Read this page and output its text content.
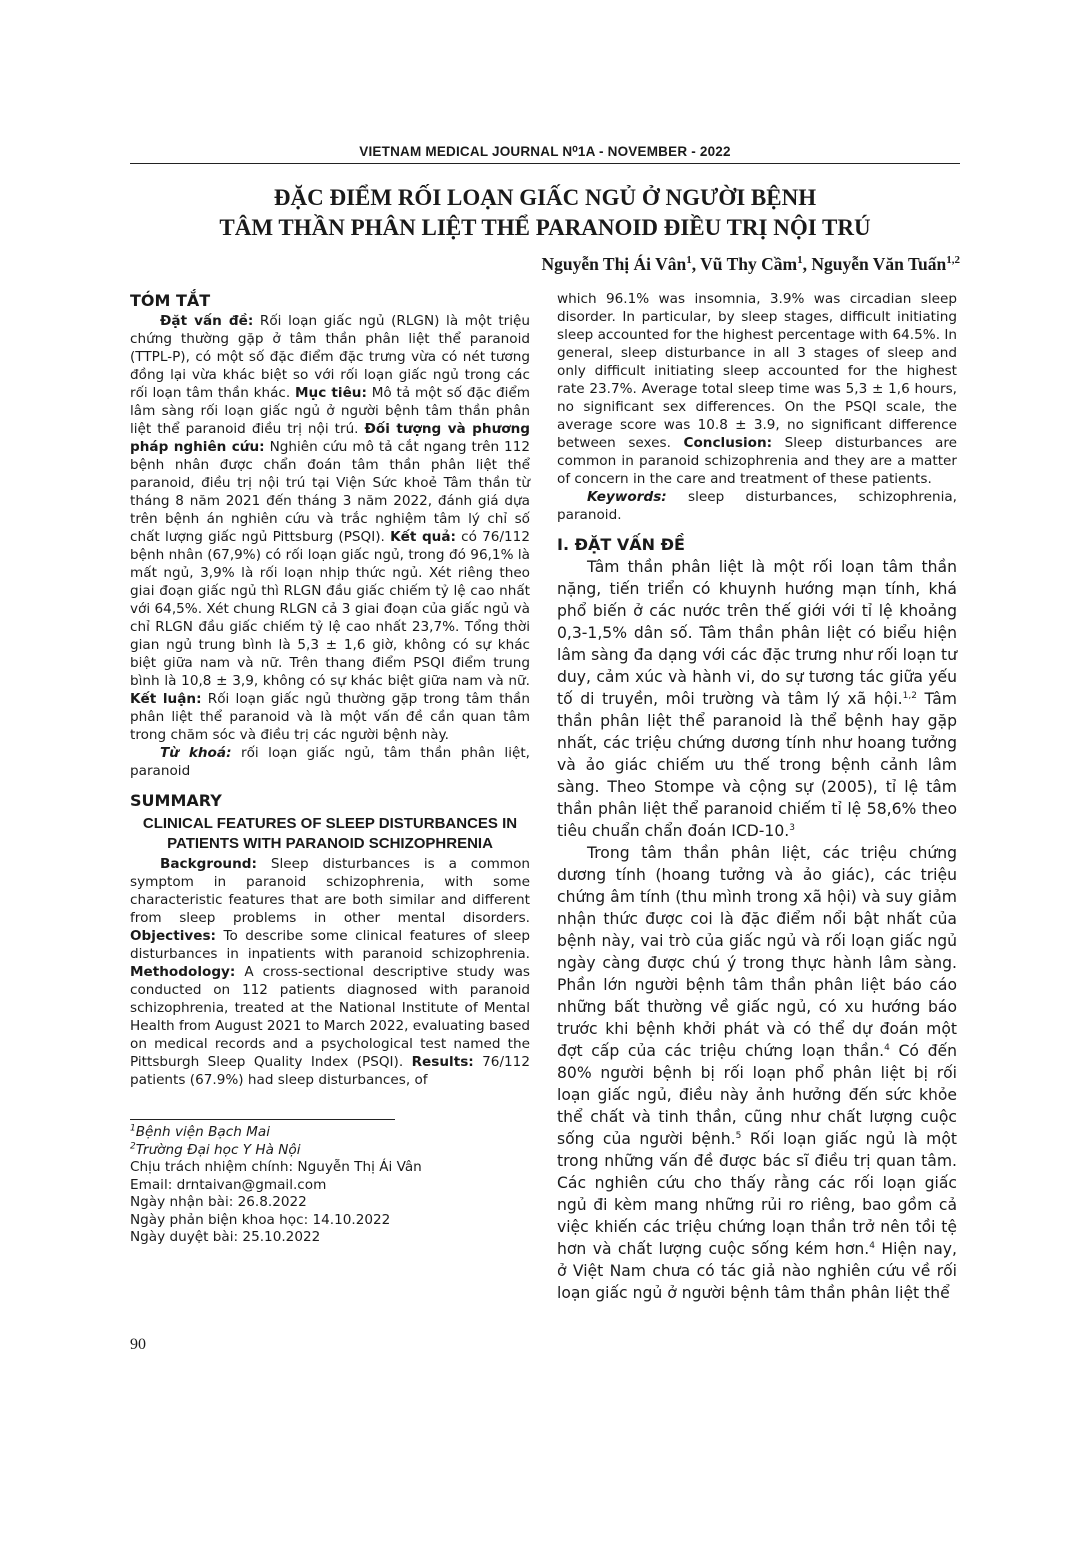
VIETNAM MEDICAL JOURNAL N⁰1A - NOVEMBER - 2022
ĐẶC ĐIỂM RỐI LOẠN GIẤC NGỦ Ở NGƯỜI BỆNH
TÂM THẦN PHÂN LIỆT THỂ PARANOID ĐIỀU TRỊ NỘI TRÚ
Nguyễn Thị Ái Vân$^1$, Vũ Thy Cầm$^1$, Nguyễn Văn Tuấn$^{1,2}$
TÓM TẮT

Đặt vấn đề: Rối loạn giấc ngủ (RLGN) là một triệu chứng thường gặp ở tâm thần phân liệt thể paranoid (TTPL-P), có một số đặc điểm đặc trưng vừa có nét tương đồng lại vừa khác biệt so với rối loạn giấc ngủ trong các rối loạn tâm thần khác. Mục tiêu: Mô tả một số đặc điểm lâm sàng rối loạn giấc ngủ ở người bệnh tâm thần phân liệt thể paranoid điều trị nội trú. Đối tượng và phương pháp nghiên cứu: Nghiên cứu mô tả cắt ngang trên 112 bệnh nhân được chẩn đoán tâm thần phân liệt thể paranoid, điều trị nội trú tại Viện Sức khoẻ Tâm thần từ tháng 8 năm 2021 đến tháng 3 năm 2022, đánh giá dựa trên bệnh án nghiên cứu và trắc nghiệm tâm lý chỉ số chất lượng giấc ngủ Pittsburg (PSQI). Kết quả: có 76/112 bệnh nhân (67,9%) có rối loạn giấc ngủ, trong đó 96,1% là mất ngủ, 3,9% là rối loạn nhịp thức ngủ. Xét riêng theo giai đoạn giấc ngủ thì RLGN đầu giấc chiếm tỷ lệ cao nhất với 64,5%. Xét chung RLGN cả 3 giai đoạn của giấc ngủ và chỉ RLGN đầu giấc chiếm tỷ lệ cao nhất 23,7%. Tổng thời gian ngủ trung bình là 5,3 ± 1,6 giờ, không có sự khác biệt giữa nam và nữ. Trên thang điểm PSQI điểm trung bình là 10,8 ± 3,9, không có sự khác biệt giữa nam và nữ. Kết luận: Rối loạn giấc ngủ thường gặp trong tâm thần phân liệt thể paranoid và là một vấn đề cần quan tâm trong chăm sóc và điều trị các người bệnh này.

Từ khoá: rối loạn giấc ngủ, tâm thần phân liệt, paranoid

SUMMARY
CLINICAL FEATURES OF SLEEP DISTURBANCES IN PATIENTS WITH PARANOID SCHIZOPHRENIA

Background: Sleep disturbances is a common symptom in paranoid schizophrenia, with some characteristic features that are both similar and different from sleep problems in other mental disorders. Objectives: To describe some clinical features of sleep disturbances in inpatients with paranoid schizophrenia. Methodology: A cross-sectional descriptive study was conducted on 112 patients diagnosed with paranoid schizophrenia, treated at the National Institute of Mental Health from August 2021 to March 2022, evaluating based on medical records and a psychological test named the Pittsburgh Sleep Quality Index (PSQI). Results: 76/112 patients (67.9%) had sleep disturbances, of

$^1$Bệnh viện Bạch Mai
$^2$Trường Đại học Y Hà Nội
Chịu trách nhiệm chính: Nguyễn Thị Ái Vân
Email: drntaivan@gmail.com
Ngày nhận bài: 26.8.2022
Ngày phản biện khoa học: 14.10.2022
Ngày duyệt bài: 25.10.2022

which 96.1% was insomnia, 3.9% was circadian sleep disorder. In particular, by sleep stages, difficult initiating sleep accounted for the highest percentage with 64.5%. In general, sleep disturbance in all 3 stages of sleep and only difficult initiating sleep accounted for the highest rate 23.7%. Average total sleep time was 5,3 ± 1,6 hours, no significant sex differences. On the PSQI scale, the average score was 10.8 ± 3.9, no significant difference between sexes. Conclusion: Sleep disturbances are common in paranoid schizophrenia and they are a matter of concern in the care and treatment of these patients.

Keywords: sleep disturbances, schizophrenia, paranoid.

I. ĐẶT VẤN ĐỀ

Tâm thần phân liệt là một rối loạn tâm thần nặng, tiến triển có khuynh hướng mạn tính, khá phổ biến ở các nước trên thế giới với tỉ lệ khoảng 0,3-1,5% dân số. Tâm thần phân liệt có biểu hiện lâm sàng đa dạng với các đặc trưng như rối loạn tư duy, cảm xúc và hành vi, do sự tương tác giữa yếu tố di truyền, môi trường và tâm lý xã hội.$^{1,2}$ Tâm thần phân liệt thể paranoid là thể bệnh hay gặp nhất, các triệu chứng dương tính như hoang tưởng và ảo giác chiếm ưu thế trong bệnh cảnh lâm sàng. Theo Stompe và cộng sự (2005), tỉ lệ tâm thần phân liệt thể paranoid chiếm tỉ lệ 58,6% theo tiêu chuẩn chẩn đoán ICD-10.$^3$

Trong tâm thần phân liệt, các triệu chứng dương tính (hoang tưởng và ảo giác), các triệu chứng âm tính (thu mình trong xã hội) và suy giảm nhận thức được coi là đặc điểm nổi bật nhất của bệnh này, vai trò của giấc ngủ và rối loạn giấc ngủ ngày càng được chú ý trong thực hành lâm sàng. Phần lớn người bệnh tâm thần phân liệt báo cáo những bất thường về giấc ngủ, có xu hướng báo trước khi bệnh khởi phát và có thể dự đoán một đợt cấp của các triệu chứng loạn thần.$^4$ Có đến 80% người bệnh bị rối loạn phổ phân liệt bị rối loạn giấc ngủ, điều này ảnh hưởng đến sức khỏe thể chất và tinh thần, cũng như chất lượng cuộc sống của người bệnh.$^5$ Rối loạn giấc ngủ là một trong những vấn đề được bác sĩ điều trị quan tâm. Các nghiên cứu cho thấy rằng các rối loạn giấc ngủ đi kèm mang những rủi ro riêng, bao gồm cả việc khiến các triệu chứng loạn thần trở nên tồi tệ hơn và chất lượng cuộc sống kém hơn.$^4$ Hiện nay, ở Việt Nam chưa có tác giả nào nghiên cứu về rối loạn giấc ngủ ở người bệnh tâm thần phân liệt thể

90
